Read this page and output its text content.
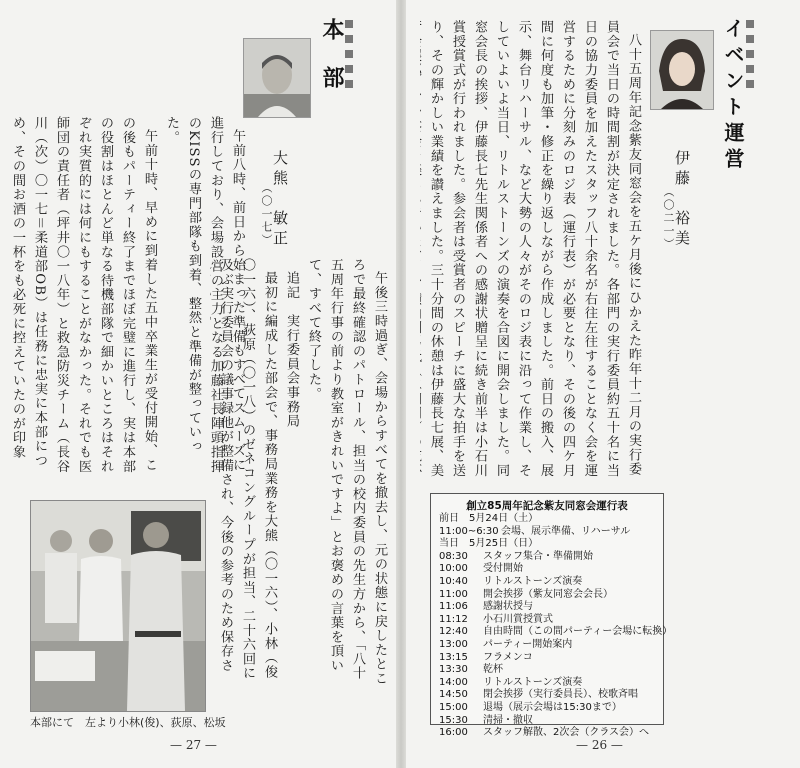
本部
大熊　敏正
（〇一七）

午前八時、前日から始まった準備もすべてスムーズに進行しており、会場設営の主力となる加藤社長陣頭指揮のKISSの専門部隊も到着、整然と準備が整っていった。

午前十時、早めに到着した五中卒業生が受付開始、この後もパーティー終了までほぼ完璧に進行し、実は本部の役割はほとんど単なる待機部隊で細かいところはそれぞれ実質的には何にもすることがなかった。それでも医師団の責任者（坪井〇一八年）と救急防災チーム（長谷川（次）〇一七＝柔道部OB）は任務に忠実に本部につめ、その間お酒の一杯をも必死に控えていたのが印象	午後三時過ぎ、会場からすべてを撤去し、元の状態に戻したところで最終確認のパトロール、担当の校内委員の先生方から、「八十五周年行事の前より教室がきれいですよ」とお褒めの言葉を頂いて、すべて終了した。

追記　実行委員会事務局

最初に編成した部会で、事務局業務を大熊（〇一六）、小林（俊〇一六）、荻原（〇一八）のゼネコングループが担当、二十六回に及ぶ実行委員会の議事録他が整備され、今後の参考のため保存さ

本部にて　左より小林(俊)、荻原、松坂
— 27 —
イベント運営
伊藤　裕美
（〇二一）

八十五周年記念紫友同窓会を五ケ月後にひかえた昨年十二月の実行委員会で当日の時間割が決定されました。各部門の実行委員約五十名に当日の協力委員を加えたスタッフ八十余名が右往左往することなく会を運営するために分刻みのロジ表（運行表）が必要となり、その後の四ケ月間に何度も加筆・修正を繰り返しながら作成しました。前日の搬入、展示、舞台リハーサル、など大勢の人々がそのロジ表に沿って作業し、そしていよいよ当日、リトルストーンズの演奏を合図に開会しました。同窓会長の挨拶、伊藤長七先生関係者への感謝状贈呈に続き前半は小石川賞授賞式が行われました。参会者は受賞者のスピーチに盛大な拍手を送り、その輝かしい業績を讃えました。三十分間の休憩は伊藤長七展、美

— 26 —
創立85周年記念紫友同窓会運行表
前日　5月24日（土）
11:00~6:30 会場、展示準備、リハーサル
当日　5月25日（日）
08:30	スタッフ集合・準備開始
10:00	受付開始
10:40	リトルストーンズ演奏
11:00	開会挨拶（紫友同窓会会長）
11:06	感謝状授与
11:12	小石川賞授賞式
12:40	自由時間（この間パーティー会場に転換）
13:00	パーティー開始案内
13:15	フラメンコ
13:30	乾杯
14:00	リトルストーンズ演奏
14:50	閉会挨拶（実行委員長）、校歌斉唱
15:00	退場（展示会場は15:30まで）
15:30	清掃・撤収
16:00	スタッフ解散、2次会（クラス会）へ
